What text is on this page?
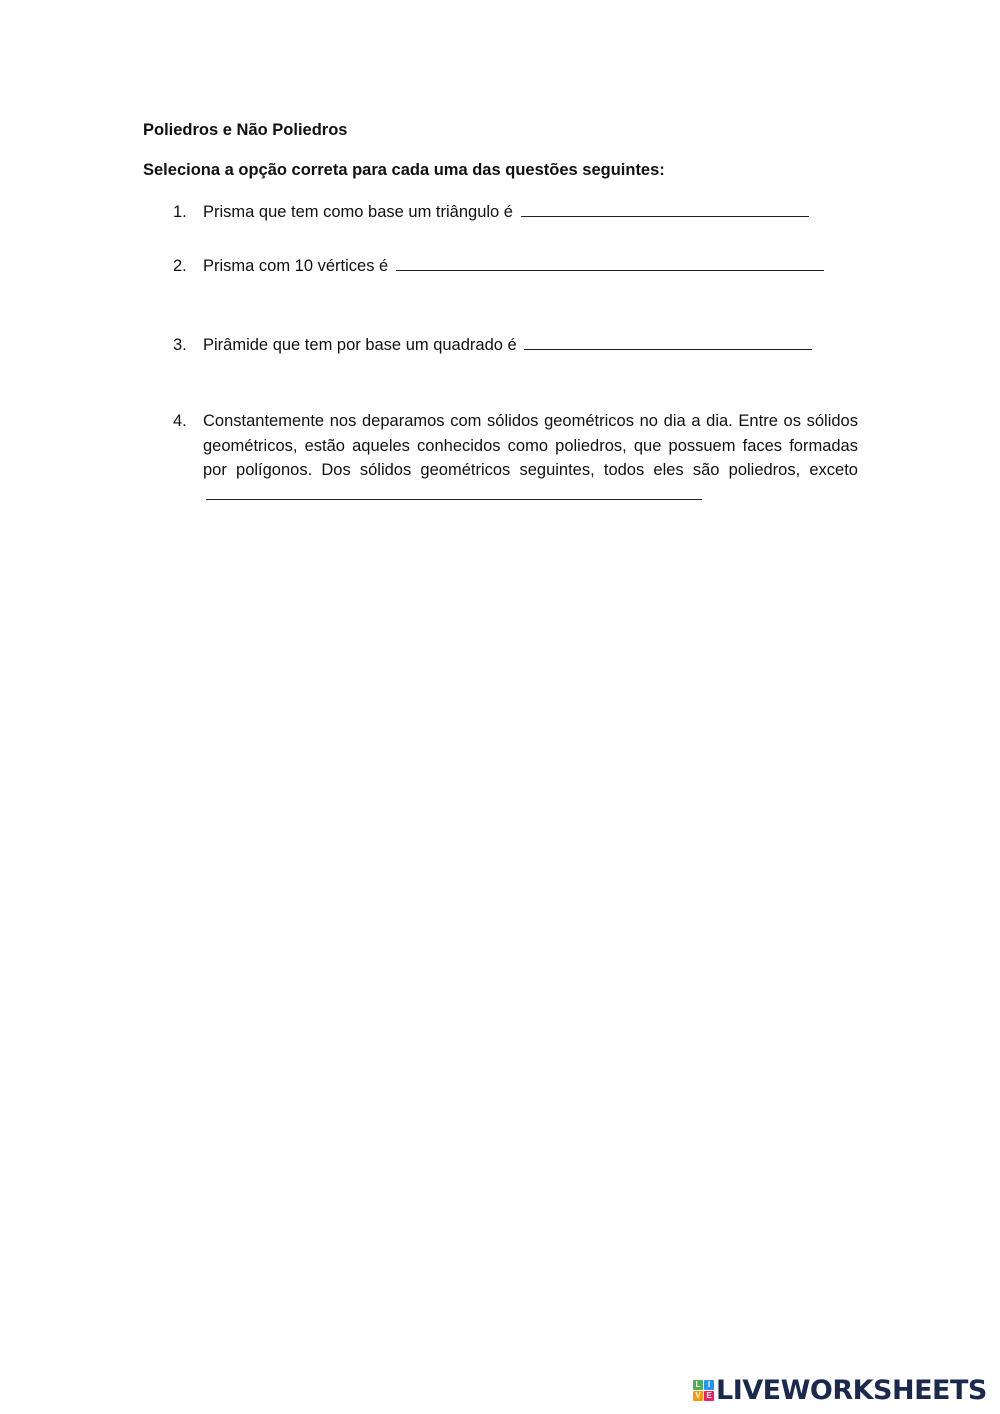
Poliedros e Não Poliedros

Seleciona a opção correta para cada uma das questões seguintes:

1. Prisma que tem como base um triângulo é
2. Prisma com 10 vértices é
3. Pirâmide que tem por base um quadrado é
4. Constantemente nos deparamos com sólidos geométricos no dia a dia. Entre os sólidos geométricos, estão aqueles conhecidos como poliedros, que possuem faces formadas por polígonos. Dos sólidos geométricos seguintes, todos eles são poliedros, exceto
L I
V E LIVEWORKSHEETS
